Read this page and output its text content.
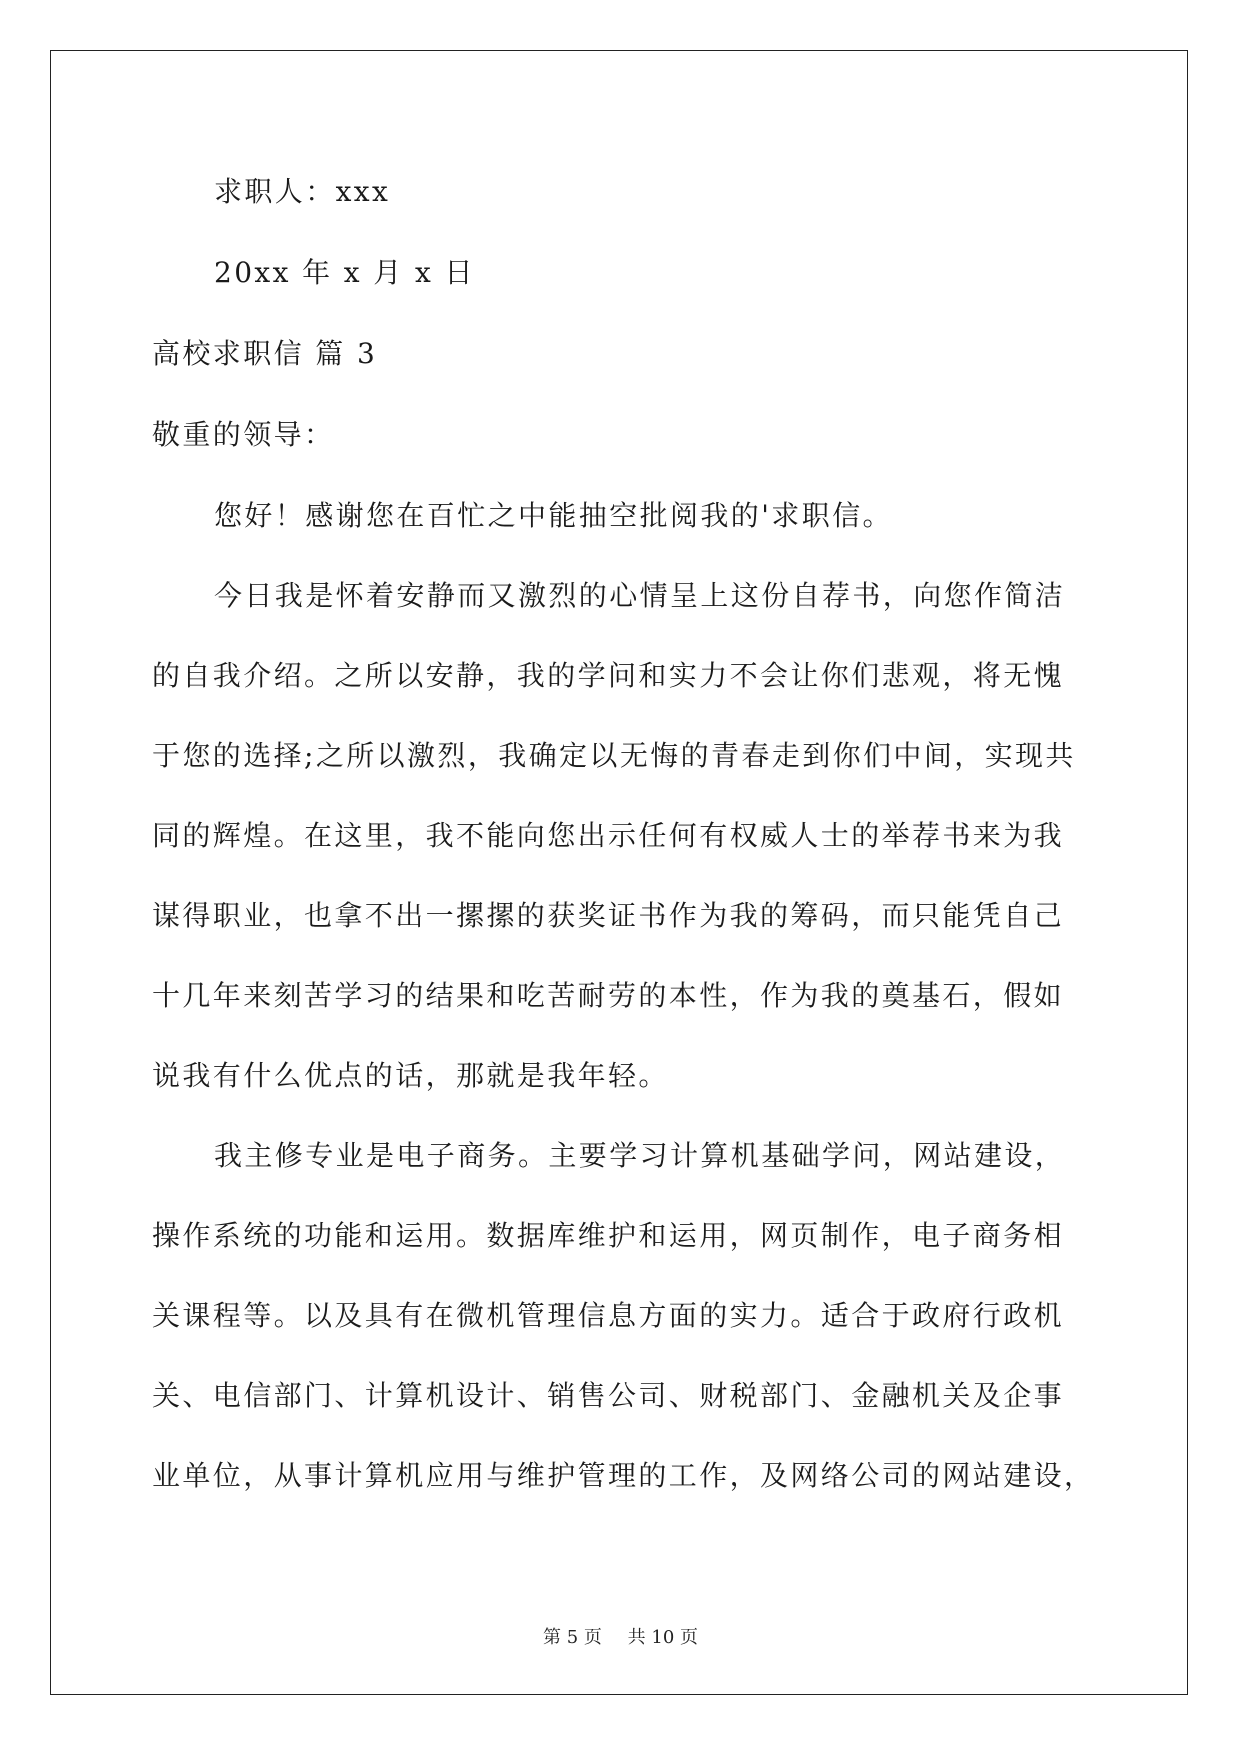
求职人：xxx
20xx 年 x 月 x 日
高校求职信 篇 3
敬重的领导：
您好！感谢您在百忙之中能抽空批阅我的'求职信。
今日我是怀着安静而又激烈的心情呈上这份自荐书，向您作简洁
的自我介绍。之所以安静，我的学问和实力不会让你们悲观，将无愧
于您的选择;之所以激烈，我确定以无悔的青春走到你们中间，实现共
同的辉煌。在这里，我不能向您出示任何有权威人士的举荐书来为我
谋得职业，也拿不出一摞摞的获奖证书作为我的筹码，而只能凭自己
十几年来刻苦学习的结果和吃苦耐劳的本性，作为我的奠基石，假如
说我有什么优点的话，那就是我年轻。
我主修专业是电子商务。主要学习计算机基础学问，网站建设，
操作系统的功能和运用。数据库维护和运用，网页制作，电子商务相
关课程等。以及具有在微机管理信息方面的实力。适合于政府行政机
关、电信部门、计算机设计、销售公司、财税部门、金融机关及企事
业单位，从事计算机应用与维护管理的工作，及网络公司的网站建设，
第 5 页 共 10 页
